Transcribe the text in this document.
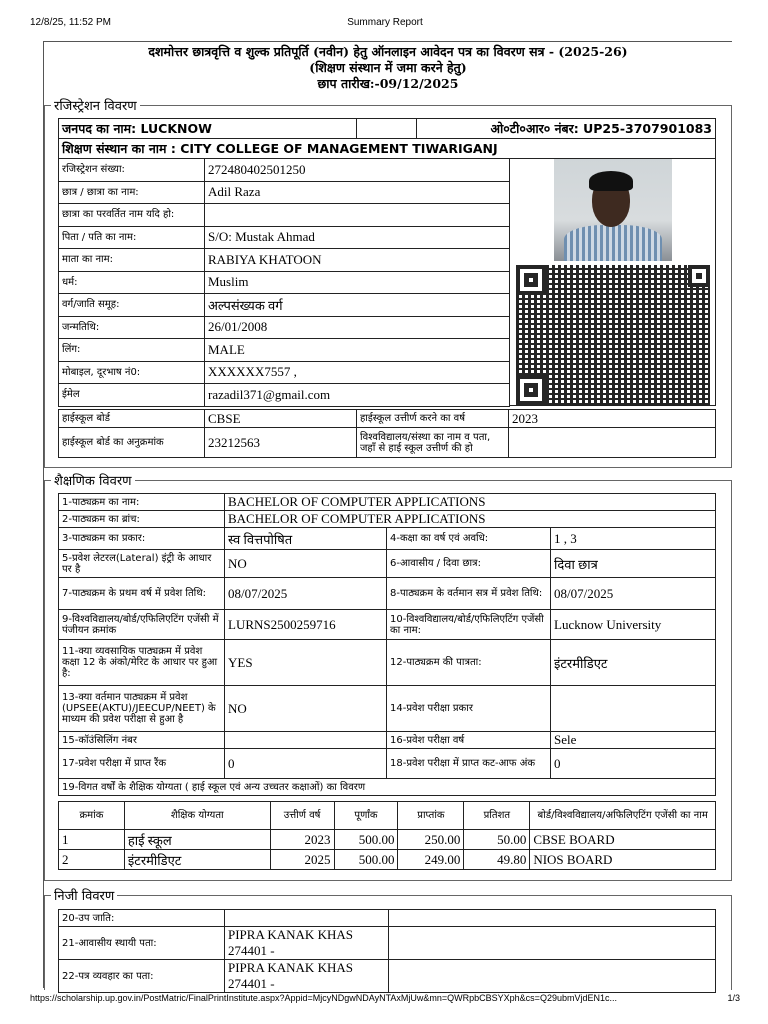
12/8/25, 11:52 PM	Summary Report
दशमोत्तर छात्रवृत्ति व शुल्क प्रतिपूर्ति (नवीन) हेतु ऑनलाइन आवेदन पत्र का विवरण सत्र - (2025-26)
(शिक्षण संस्थान में जमा करने हेतु)
छाप तारीख:-09/12/2025
रजिस्ट्रेशन विवरण
जनपद का नाम: LUCKNOW		ओ०टी०आर० नंबर: UP25-3707901083
शिक्षण संस्थान का नाम : CITY COLLEGE OF MANAGEMENT TIWARIGANJ
रजिस्ट्रेशन संख्या:	272480402501250
छात्र / छात्रा का नाम:	Adil Raza
छात्रा का परवर्तित नाम यदि हो:	
पिता / पति का नाम:	S/O: Mustak Ahmad
माता का नाम:	RABIYA KHATOON
धर्म:	Muslim
वर्ग/जाति समूह:	अल्पसंख्यक वर्ग
जन्मतिथि:	26/01/2008
लिंग:	MALE
मोबाइल, दूरभाष नं0:	XXXXXX7557 ,
ईमेल	razadil371@gmail.com
हाईस्कूल बोर्ड	CBSE	हाईस्कूल उत्तीर्ण करने का वर्ष	2023
हाईस्कूल बोर्ड का अनुक्रमांक	23212563	विश्वविद्यालय/संस्था का नाम व पता, जहाँ से हाई स्कूल उत्तीर्ण की हो	
शैक्षणिक विवरण
1-पाठ्यक्रम का नाम:	BACHELOR OF COMPUTER APPLICATIONS		
2-पाठ्यक्रम का ब्रांच:	BACHELOR OF COMPUTER APPLICATIONS		
3-पाठ्यक्रम का प्रकार:	स्व वित्तपोषित	4-कक्षा का वर्ष एवं अवधि:	1 , 3
5-प्रवेश लेटरल(Lateral) इंट्री के आधार पर है	NO	6-आवासीय / दिवा छात्र:	दिवा छात्र
7-पाठ्यक्रम के प्रथम वर्ष में प्रवेश तिथि:	08/07/2025	8-पाठ्यक्रम के वर्तमान सत्र में प्रवेश तिथि:	08/07/2025
9-विश्वविद्यालय/बोर्ड/एफिलिएटिंग एजेंसी में पंजीयन क्रमांक	LURNS2500259716	10-विश्वविद्यालय/बोर्ड/एफिलिएटिंग एजेंसी का नाम:	Lucknow University
11-क्या व्यवसायिक पाठ्यक्रम में प्रवेश कक्षा 12 के अंको/मेरिट के आधार पर हुआ है:	YES	12-पाठ्यक्रम की पात्रता:	इंटरमीडिएट
13-क्या वर्तमान पाठ्यक्रम में प्रवेश (UPSEE(AKTU)/JEECUP/NEET) के माध्यम की प्रवेश परीक्षा से हुआ है	NO	14-प्रवेश परीक्षा प्रकार	
15-कॉउंसिलिंग नंबर		16-प्रवेश परीक्षा वर्ष	Sele
17-प्रवेश परीक्षा में प्राप्त रैंक	0	18-प्रवेश परीक्षा में प्राप्त कट-आफ अंक	0
19-विगत वर्षों के शैक्षिक योग्यता ( हाई स्कूल एवं अन्य उच्चतर कक्षाओं) का विवरण			
क्रमांक	शैक्षिक योग्यता	उत्तीर्ण वर्ष	पूर्णांक	प्राप्तांक	प्रतिशत	बोर्ड/विश्वविद्यालय/अफिलिएटिंग एजेंसी का नाम
1	हाई स्कूल	2023	500.00	250.00	50.00	CBSE BOARD
2	इंटरमीडिएट	2025	500.00	249.00	49.80	NIOS BOARD
निजी विवरण
20-उप जाति:		
21-आवासीय स्थायी पता:	PIPRA KANAK KHAS 274401 -	
22-पत्र व्यवहार का पता:	PIPRA KANAK KHAS 274401 -	
https://scholarship.up.gov.in/PostMatric/FinalPrintInstitute.aspx?Appid=MjcyNDgwNDAyNTAxMjUw&mn=QWRpbCBSYXph&cs=Q29ubmVjdEN1c...	1/3
